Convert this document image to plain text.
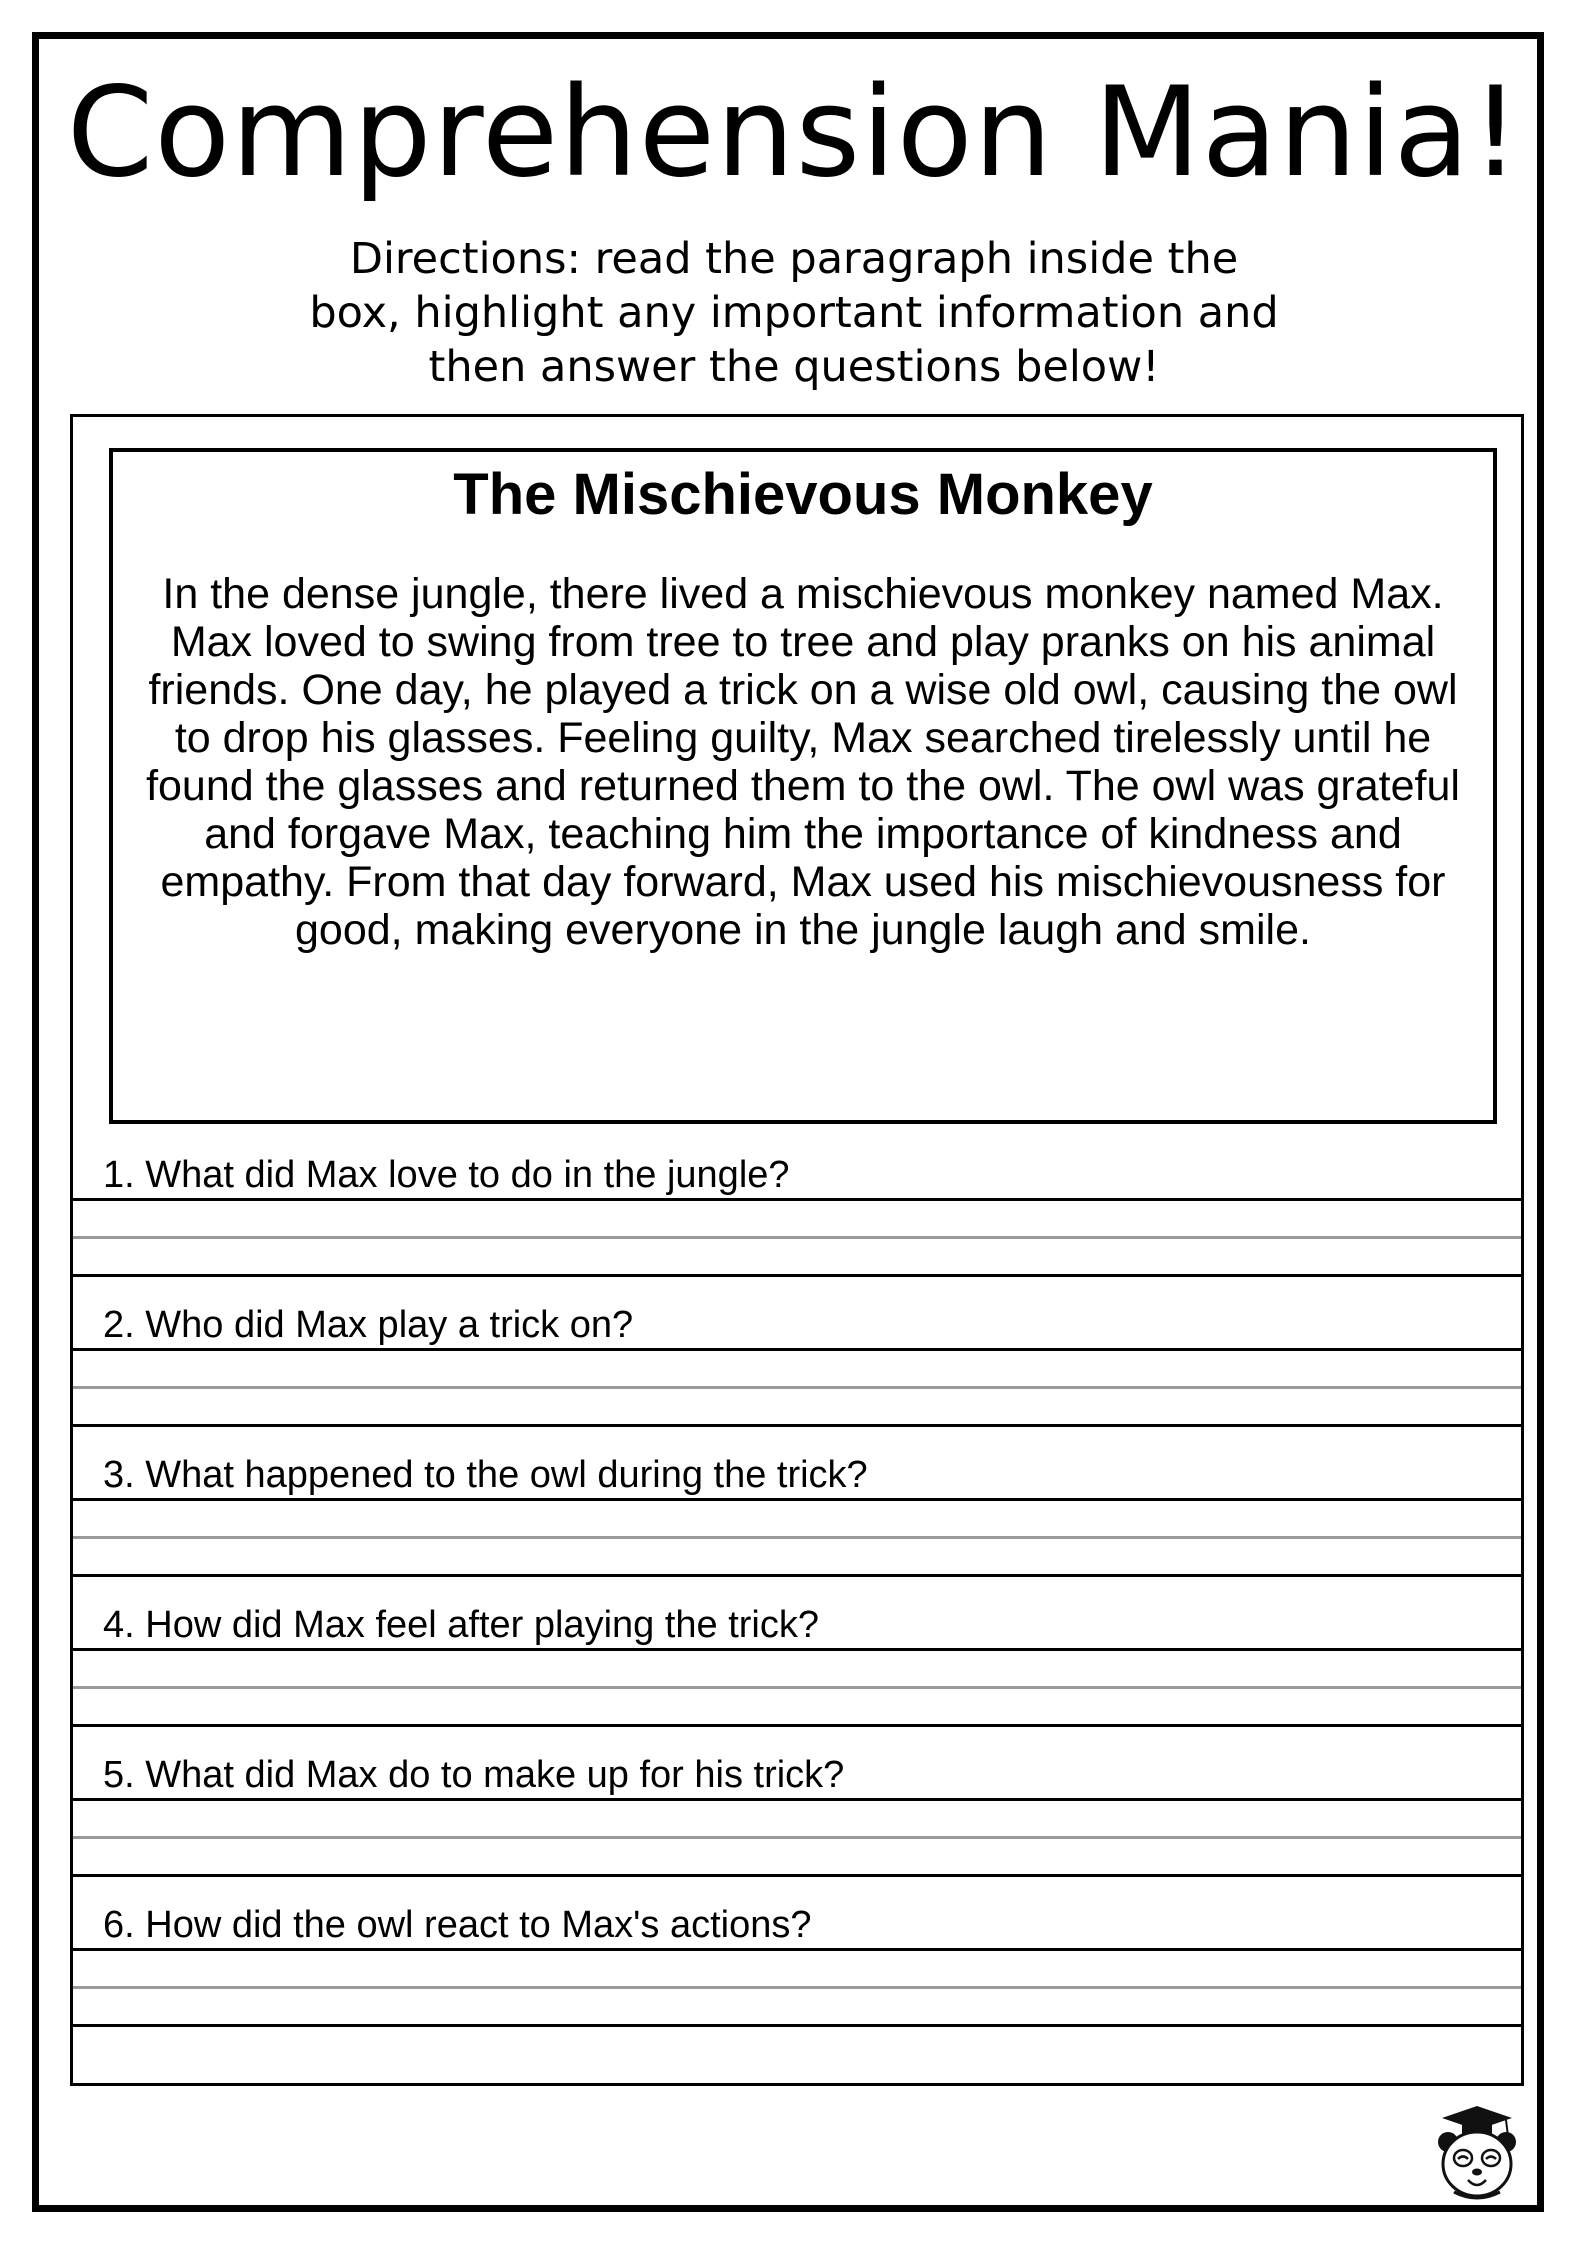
Comprehension Mania!

Directions: read the paragraph inside the box, highlight any important information and then answer the questions below!

The Mischievous Monkey

In the dense jungle, there lived a mischievous monkey named Max. Max loved to swing from tree to tree and play pranks on his animal friends. One day, he played a trick on a wise old owl, causing the owl to drop his glasses. Feeling guilty, Max searched tirelessly until he found the glasses and returned them to the owl. The owl was grateful and forgave Max, teaching him the importance of kindness and empathy. From that day forward, Max used his mischievousness for good, making everyone in the jungle laugh and smile.

1. What did Max love to do in the jungle?
2. Who did Max play a trick on?
3. What happened to the owl during the trick?
4. How did Max feel after playing the trick?
5. What did Max do to make up for his trick?
6. How did the owl react to Max's actions?
